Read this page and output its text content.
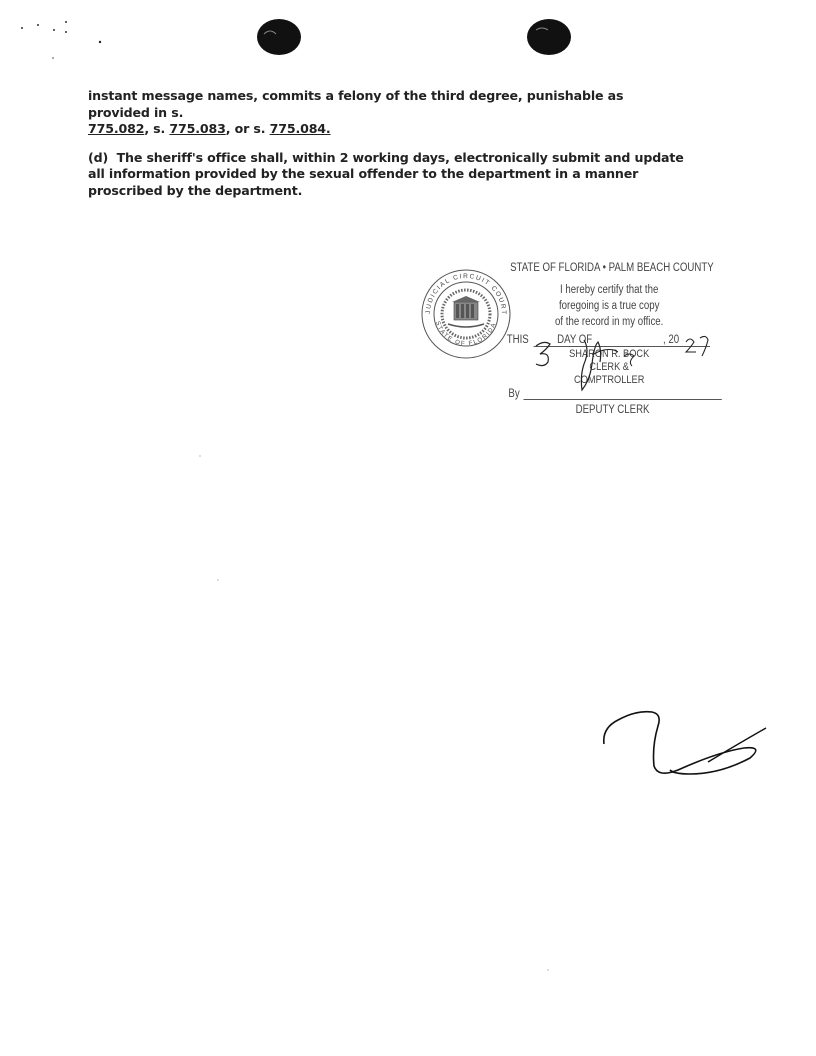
instant message names, commits a felony of the third degree, punishable as provided in s.
775.082, s. 775.083, or s. 775.084.

(d) The sheriff's office shall, within 2 working days, electronically submit and update all information provided by the sexual offender to the department in a manner proscribed by the department.

JUDICIAL CIRCUIT COURT
STATE OF FLORIDA
STATE OF FLORIDA • PALM BEACH COUNTY
I hereby certify that the
foregoing is a true copy
of the record in my office.
THIS DAY OF	, 20
SHARON R. BOCK
CLERK & COMPTROLLER
By
DEPUTY CLERK
